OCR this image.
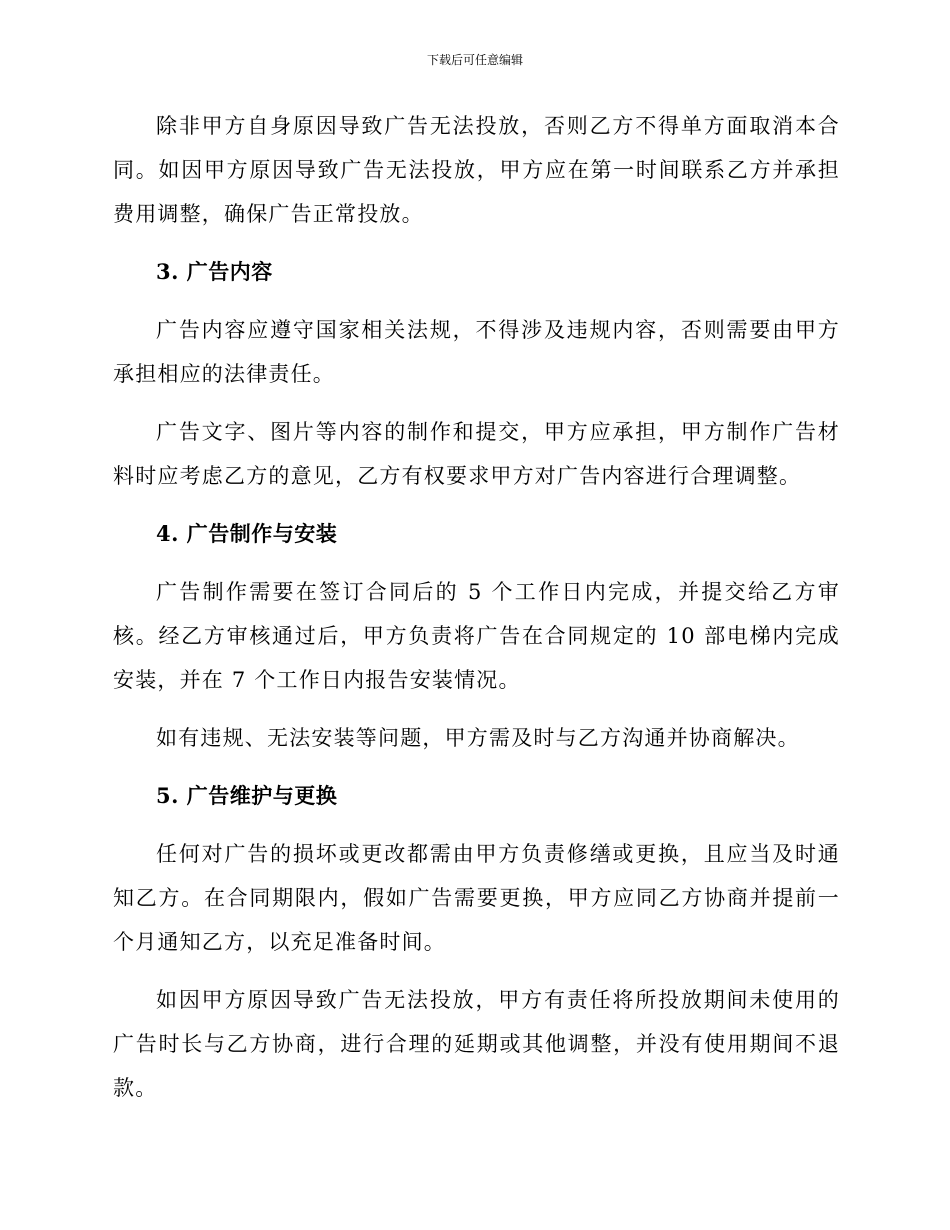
下载后可任意编辑

除非甲方自身原因导致广告无法投放，否则乙方不得单方面取消本合同。如因甲方原因导致广告无法投放，甲方应在第一时间联系乙方并承担费用调整，确保广告正常投放。

3. 广告内容

广告内容应遵守国家相关法规，不得涉及违规内容，否则需要由甲方承担相应的法律责任。

广告文字、图片等内容的制作和提交，甲方应承担，甲方制作广告材料时应考虑乙方的意见，乙方有权要求甲方对广告内容进行合理调整。

4. 广告制作与安装

广告制作需要在签订合同后的 5 个工作日内完成，并提交给乙方审核。经乙方审核通过后，甲方负责将广告在合同规定的 10 部电梯内完成安装，并在 7 个工作日内报告安装情况。

如有违规、无法安装等问题，甲方需及时与乙方沟通并协商解决。

5. 广告维护与更换

任何对广告的损坏或更改都需由甲方负责修缮或更换，且应当及时通知乙方。在合同期限内，假如广告需要更换，甲方应同乙方协商并提前一个月通知乙方，以充足准备时间。

如因甲方原因导致广告无法投放，甲方有责任将所投放期间未使用的广告时长与乙方协商，进行合理的延期或其他调整，并没有使用期间不退款。
